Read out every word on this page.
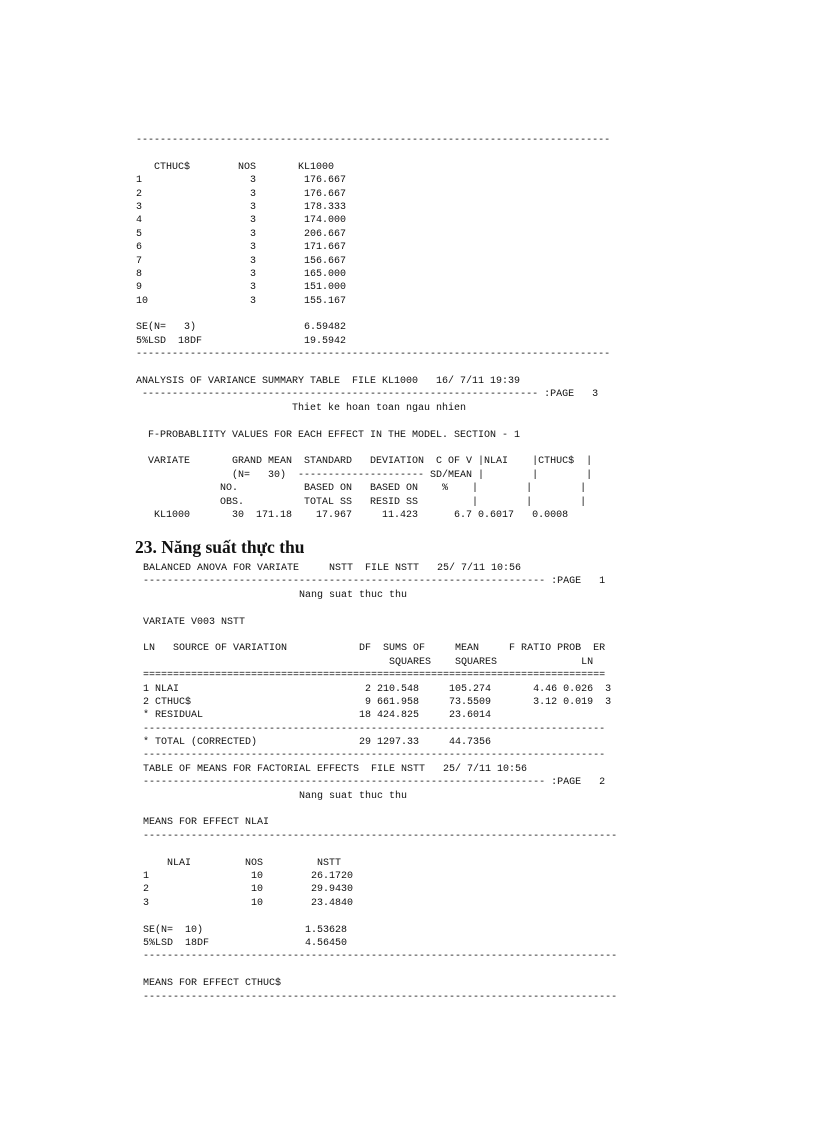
-------------------------------------------------------------------------------
CTHUC$        NOS       KL1000
1                  3        176.667
2                  3        176.667
3                  3        178.333
4                  3        174.000
5                  3        206.667
6                  3        171.667
7                  3        156.667
8                  3        165.000
9                  3        151.000
10                 3        155.167
SE(N=   3)                  6.59482
5%LSD  18DF                 19.5942
-------------------------------------------------------------------------------
ANALYSIS OF VARIANCE SUMMARY TABLE  FILE KL1000   16/ 7/11 19:39
------------------------------------------------------------------ :PAGE   3
Thiet ke hoan toan ngau nhien
F-PROBABLIITY VALUES FOR EACH EFFECT IN THE MODEL. SECTION - 1
VARIATE       GRAND MEAN  STANDARD   DEVIATION  C OF V |NLAI    |CTHUC$  |
(N=   30)  --------------------- SD/MEAN |        |        |
NO.           BASED ON   BASED ON    %    |        |        |
OBS.          TOTAL SS   RESID SS         |        |        |
KL1000       30  171.18    17.967     11.423      6.7 0.6017   0.0008
23. Năng suất thực thu
BALANCED ANOVA FOR VARIATE     NSTT  FILE NSTT   25/ 7/11 10:56
------------------------------------------------------------------- :PAGE   1
Nang suat thuc thu
VARIATE V003 NSTT
LN   SOURCE OF VARIATION            DF  SUMS OF     MEAN     F RATIO PROB  ER
SQUARES    SQUARES              LN
=============================================================================
1 NLAI                               2 210.548     105.274       4.46 0.026  3
2 CTHUC$                             9 661.958     73.5509       3.12 0.019  3
* RESIDUAL                          18 424.825     23.6014
-----------------------------------------------------------------------------
* TOTAL (CORRECTED)                 29 1297.33     44.7356
-----------------------------------------------------------------------------
TABLE OF MEANS FOR FACTORIAL EFFECTS  FILE NSTT   25/ 7/11 10:56
------------------------------------------------------------------- :PAGE   2
Nang suat thuc thu
MEANS FOR EFFECT NLAI
-------------------------------------------------------------------------------
NLAI         NOS         NSTT
1                 10        26.1720
2                 10        29.9430
3                 10        23.4840
SE(N=  10)                 1.53628
5%LSD  18DF                4.56450
-------------------------------------------------------------------------------
MEANS FOR EFFECT CTHUC$
-------------------------------------------------------------------------------
